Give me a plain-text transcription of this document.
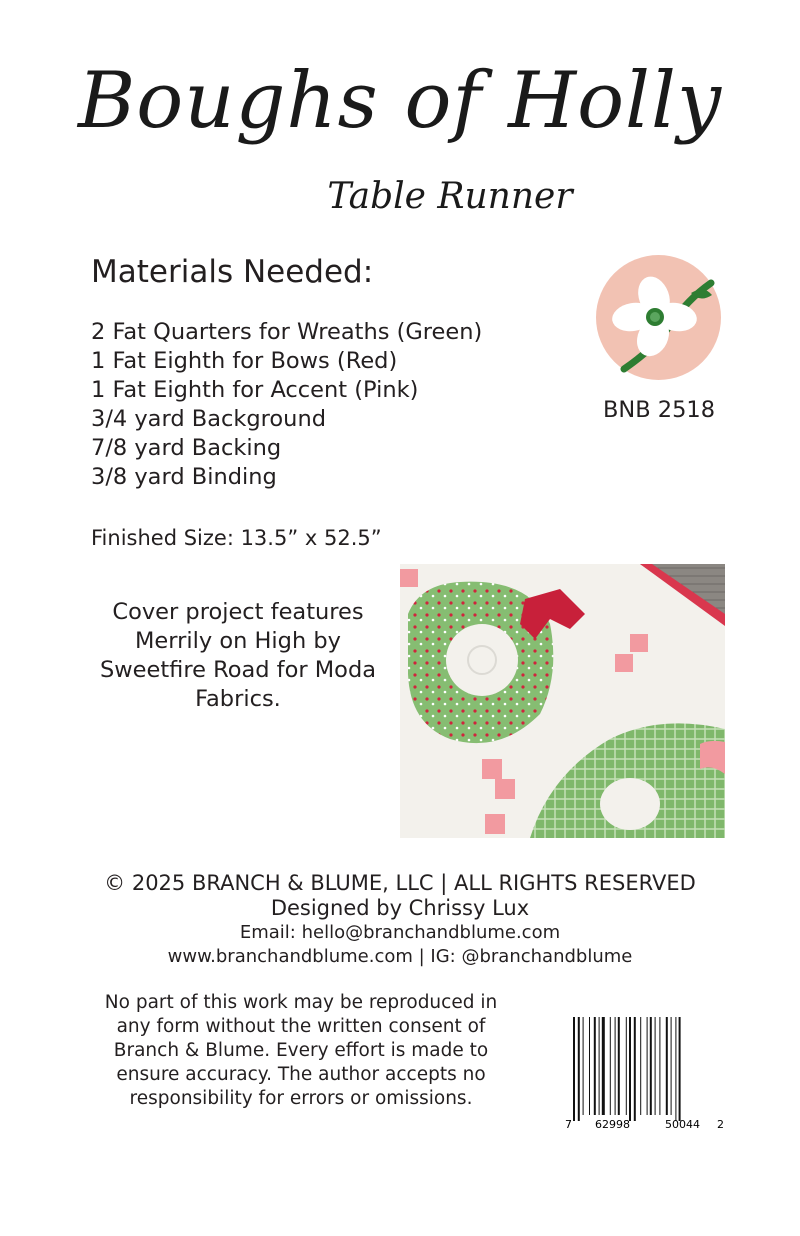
Boughs of Holly
Table Runner
Materials Needed:
2 Fat Quarters for Wreaths (Green)
1 Fat Eighth for Bows (Red)
1 Fat Eighth for Accent (Pink)
3/4 yard Background
7/8 yard Backing
3/8 yard Binding
BNB 2518
Finished Size: 13.5” x 52.5”
Cover project features Merrily on High by Sweetfire Road for Moda Fabrics.
© 2025 BRANCH & BLUME, LLC | ALL RIGHTS RESERVED
Designed by Chrissy Lux
Email: hello@branchandblume.com
www.branchandblume.com | IG: @branchandblume
No part of this work may be reproduced in any form without the written consent of Branch & Blume. Every effort is made to ensure accuracy. The author accepts no responsibility for errors or omissions.
7 62998	50044 2
